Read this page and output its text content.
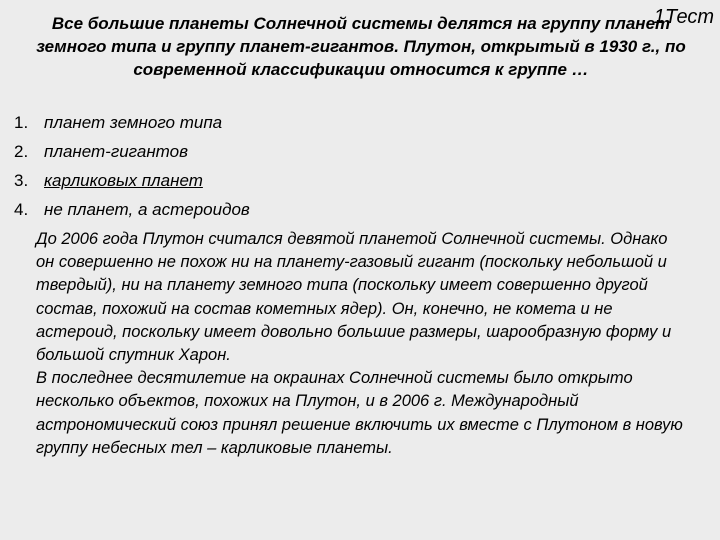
1Тест
Все большие планеты Солнечной системы делятся на группу планет земного типа и группу планет-гигантов. Плутон, открытый в 1930 г., по современной классификации относится к группе …
1. планет земного типа
2. планет-гигантов
3. карликовых планет
4. не планет, а астероидов

До 2006 года Плутон считался девятой планетой Солнечной системы. Однако он совершенно не похож ни на планету-газовый гигант (поскольку небольшой и твердый), ни на планету земного типа (поскольку имеет совершенно другой состав, похожий на состав кометных ядер). Он, конечно, не комета и не астероид, поскольку имеет довольно большие размеры, шарообразную форму и большой спутник Харон.

В последнее десятилетие на окраинах Солнечной системы было открыто несколько объектов, похожих на Плутон, и в 2006 г. Международный астрономический союз принял решение включить их вместе с Плутоном в новую группу небесных тел – карликовые планеты.
